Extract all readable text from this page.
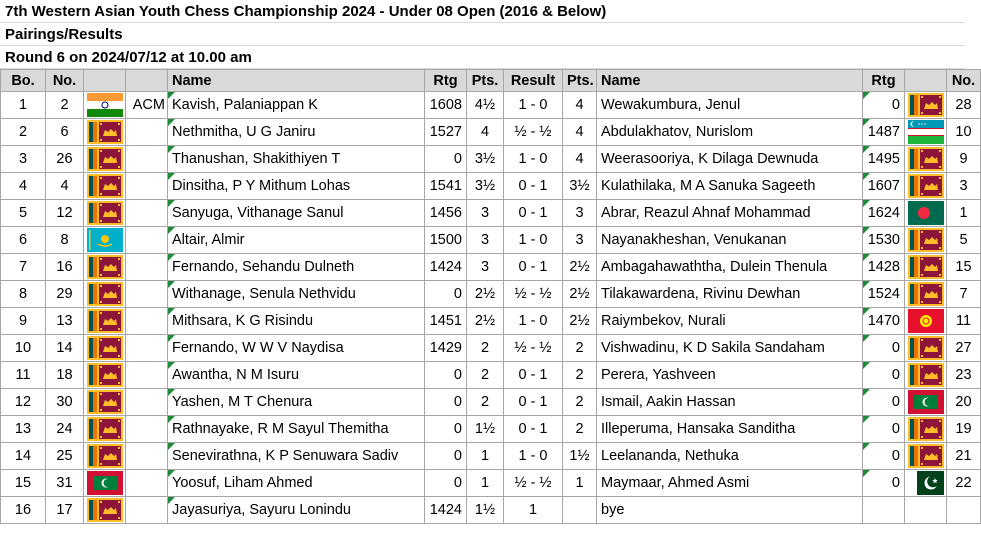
7th Western Asian Youth Chess Championship 2024 - Under 08 Open (2016 & Below)
Pairings/Results
Round 6 on 2024/07/12 at 10.00 am
Bo.	No.			Name	Rtg	Pts.	Result	Pts.	Name	Rtg		No.
1	2		ACM	Kavish, Palaniappan K	1608	4½	1 - 0	4	Wewakumbura, Jenul	0		28
2	6			Nethmitha, U G Janiru	1527	4	½ - ½	4	Abdulakhatov, Nurislom	1487		10
3	26			Thanushan, Shakithiyen T	0	3½	1 - 0	4	Weerasooriya, K Dilaga Dewnuda	1495		9
4	4			Dinsitha, P Y Mithum Lohas	1541	3½	0 - 1	3½	Kulathilaka, M A Sanuka Sageeth	1607		3
5	12			Sanyuga, Vithanage Sanul	1456	3	0 - 1	3	Abrar, Reazul Ahnaf Mohammad	1624		1
6	8			Altair, Almir	1500	3	1 - 0	3	Nayanakheshan, Venukanan	1530		5
7	16			Fernando, Sehandu Dulneth	1424	3	0 - 1	2½	Ambagahawaththa, Dulein Thenula	1428		15
8	29			Withanage, Senula Nethvidu	0	2½	½ - ½	2½	Tilakawardena, Rivinu Dewhan	1524		7
9	13			Mithsara, K G Risindu	1451	2½	1 - 0	2½	Raiymbekov, Nurali	1470		11
10	14			Fernando, W W V Naydisa	1429	2	½ - ½	2	Vishwadinu, K D Sakila Sandaham	0		27
11	18			Awantha, N M Isuru	0	2	0 - 1	2	Perera, Yashveen	0		23
12	30			Yashen, M T Chenura	0	2	0 - 1	2	Ismail, Aakin Hassan	0		20
13	24			Rathnayake, R M Sayul Themitha	0	1½	0 - 1	2	Illeperuma, Hansaka Sanditha	0		19
14	25			Senevirathna, K P Senuwara Sadiv	0	1	1 - 0	1½	Leelananda, Nethuka	0		21
15	31			Yoosuf, Liham Ahmed	0	1	½ - ½	1	Maymaar, Ahmed Asmi	0		22
16	17			Jayasuriya, Sayuru Lonindu	1424	1½	1		bye			
